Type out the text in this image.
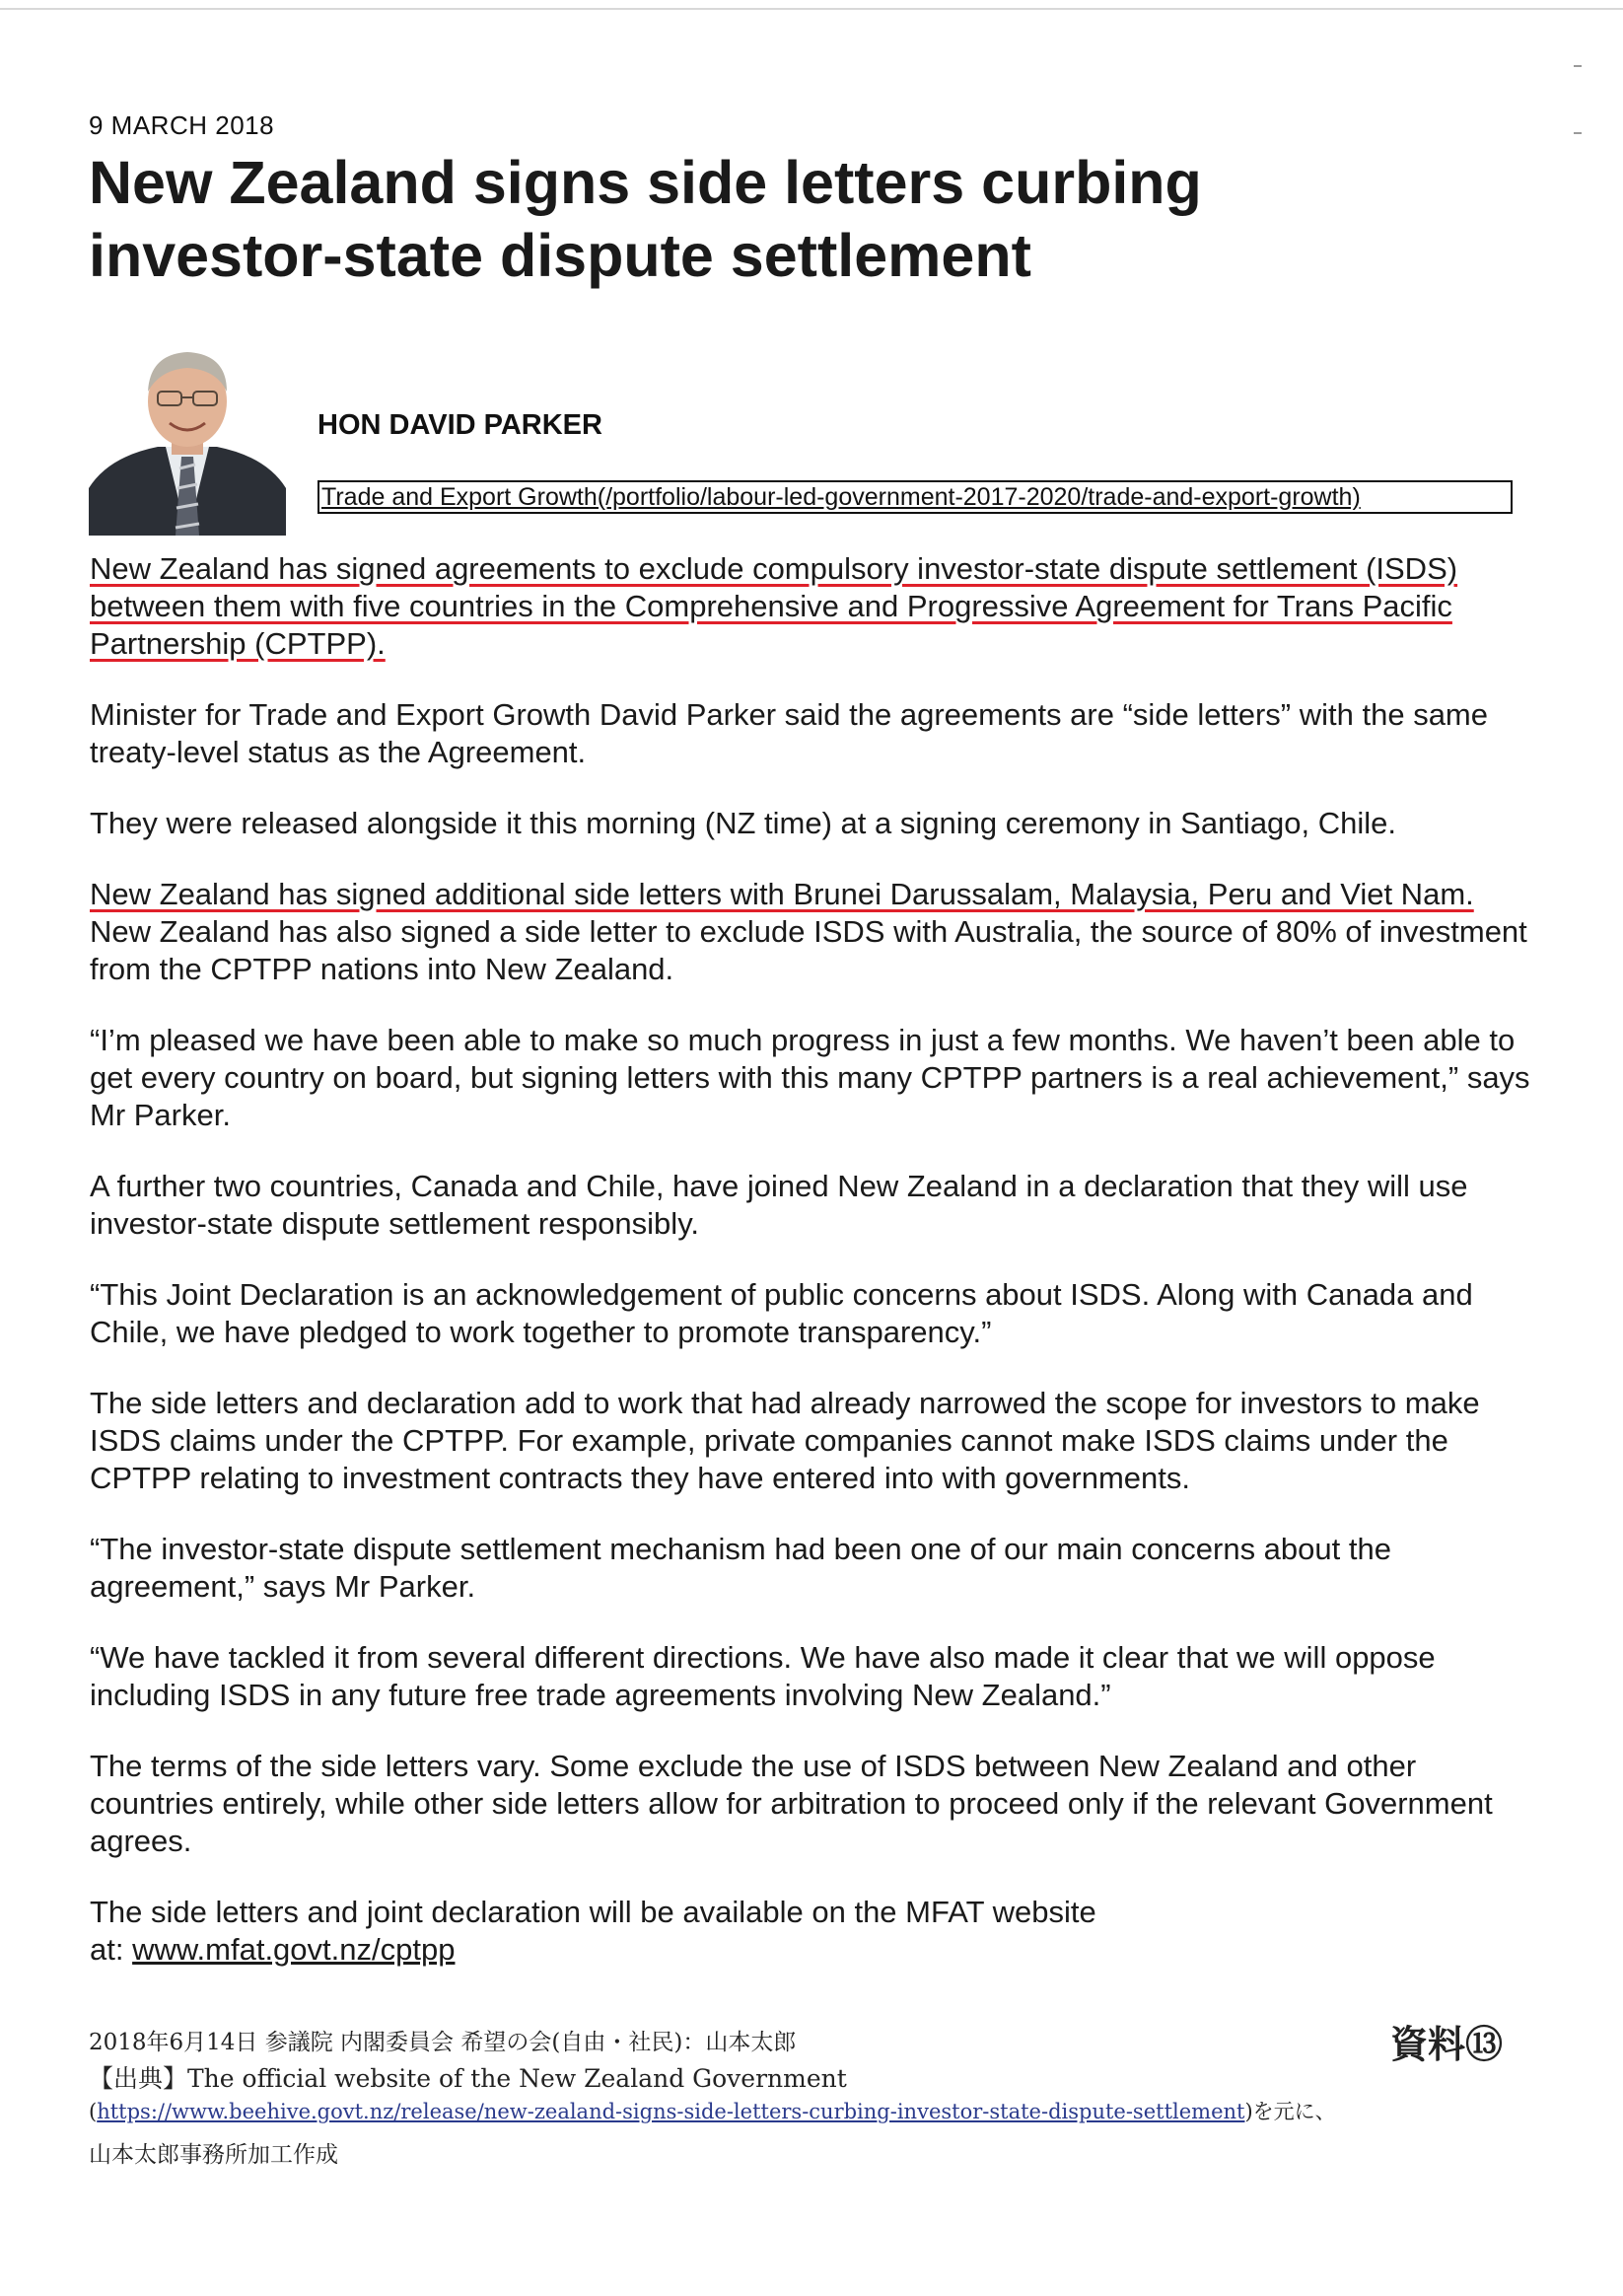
9 MARCH 2018
New Zealand signs side letters curbing investor-state dispute settlement
HON DAVID PARKER
Trade and Export Growth(/portfolio/labour-led-government-2017-2020/trade-and-export-growth)

New Zealand has signed agreements to exclude compulsory investor-state dispute settlement (ISDS) between them with five countries in the Comprehensive and Progressive Agreement for Trans Pacific Partnership (CPTPP).

Minister for Trade and Export Growth David Parker said the agreements are “side letters” with the same treaty-level status as the Agreement.

They were released alongside it this morning (NZ time) at a signing ceremony in Santiago, Chile.

New Zealand has signed additional side letters with Brunei Darussalam, Malaysia, Peru and Viet Nam. New Zealand has also signed a side letter to exclude ISDS with Australia, the source of 80% of investment from the CPTPP nations into New Zealand.

“I’m pleased we have been able to make so much progress in just a few months. We haven’t been able to get every country on board, but signing letters with this many CPTPP partners is a real achievement,” says Mr Parker.

A further two countries, Canada and Chile, have joined New Zealand in a declaration that they will use investor-state dispute settlement responsibly.

“This Joint Declaration is an acknowledgement of public concerns about ISDS. Along with Canada and Chile, we have pledged to work together to promote transparency.”

The side letters and declaration add to work that had already narrowed the scope for investors to make ISDS claims under the CPTPP. For example, private companies cannot make ISDS claims under the CPTPP relating to investment contracts they have entered into with governments.

“The investor-state dispute settlement mechanism had been one of our main concerns about the agreement,” says Mr Parker.

“We have tackled it from several different directions. We have also made it clear that we will oppose including ISDS in any future free trade agreements involving New Zealand.”

The terms of the side letters vary. Some exclude the use of ISDS between New Zealand and other countries entirely, while other side letters allow for arbitration to proceed only if the relevant Government agrees.

The side letters and joint declaration will be available on the MFAT website
at: www.mfat.govt.nz/cptpp

2018年6月14日 参議院 内閣委員会 希望の会(自由・社民)：山本太郎	資料⑬
【出典】The official website of the New Zealand Government
(https://www.beehive.govt.nz/release/new-zealand-signs-side-letters-curbing-investor-state-dispute-settlement)を元に、
山本太郎事務所加工作成
